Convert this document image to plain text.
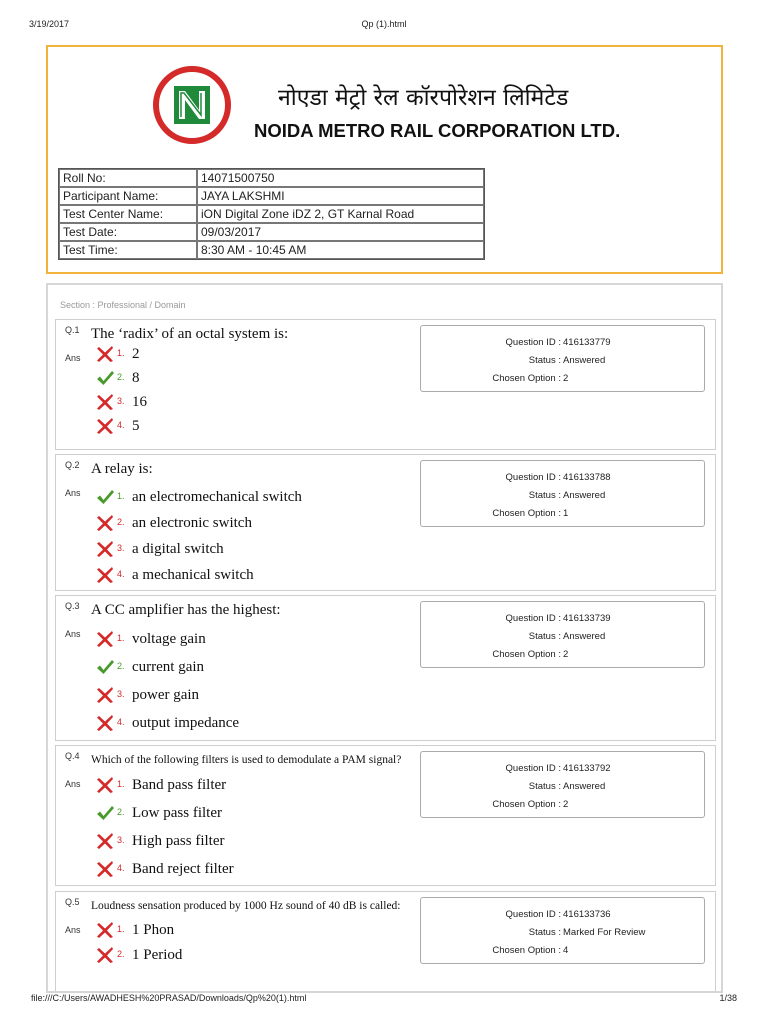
3/19/2017	Qp (1).html
नोएडा मेट्रो रेल कॉरपोरेशन लिमिटेड
NOIDA METRO RAIL CORPORATION LTD.
Roll No:	14071500750
Participant Name:	JAYA LAKSHMI
Test Center Name:	iON Digital Zone iDZ 2, GT Karnal Road
Test Date:	09/03/2017
Test Time:	8:30 AM - 10:45 AM
Section : Professional / Domain
Q.1
Ans
The ‘radix’ of an octal system is:
1. 2
2. 8
3. 16
4. 5
Question ID : 416133779
Status : Answered
Chosen Option : 2
Q.2
Ans
A relay is:
1. an electromechanical switch
2. an electronic switch
3. a digital switch
4. a mechanical switch
Question ID : 416133788
Status : Answered
Chosen Option : 1
Q.3
Ans
A CC amplifier has the highest:
1. voltage gain
2. current gain
3. power gain
4. output impedance
Question ID : 416133739
Status : Answered
Chosen Option : 2
Q.4
Ans
Which of the following filters is used to demodulate a PAM signal?
1. Band pass filter
2. Low pass filter
3. High pass filter
4. Band reject filter
Question ID : 416133792
Status : Answered
Chosen Option : 2
Q.5
Ans
Loudness sensation produced by 1000 Hz sound of 40 dB is called:
1. 1 Phon
2. 1 Period
Question ID : 416133736
Status : Marked For Review
Chosen Option : 4
file:///C:/Users/AWADHESH%20PRASAD/Downloads/Qp%20(1).html	1/38
